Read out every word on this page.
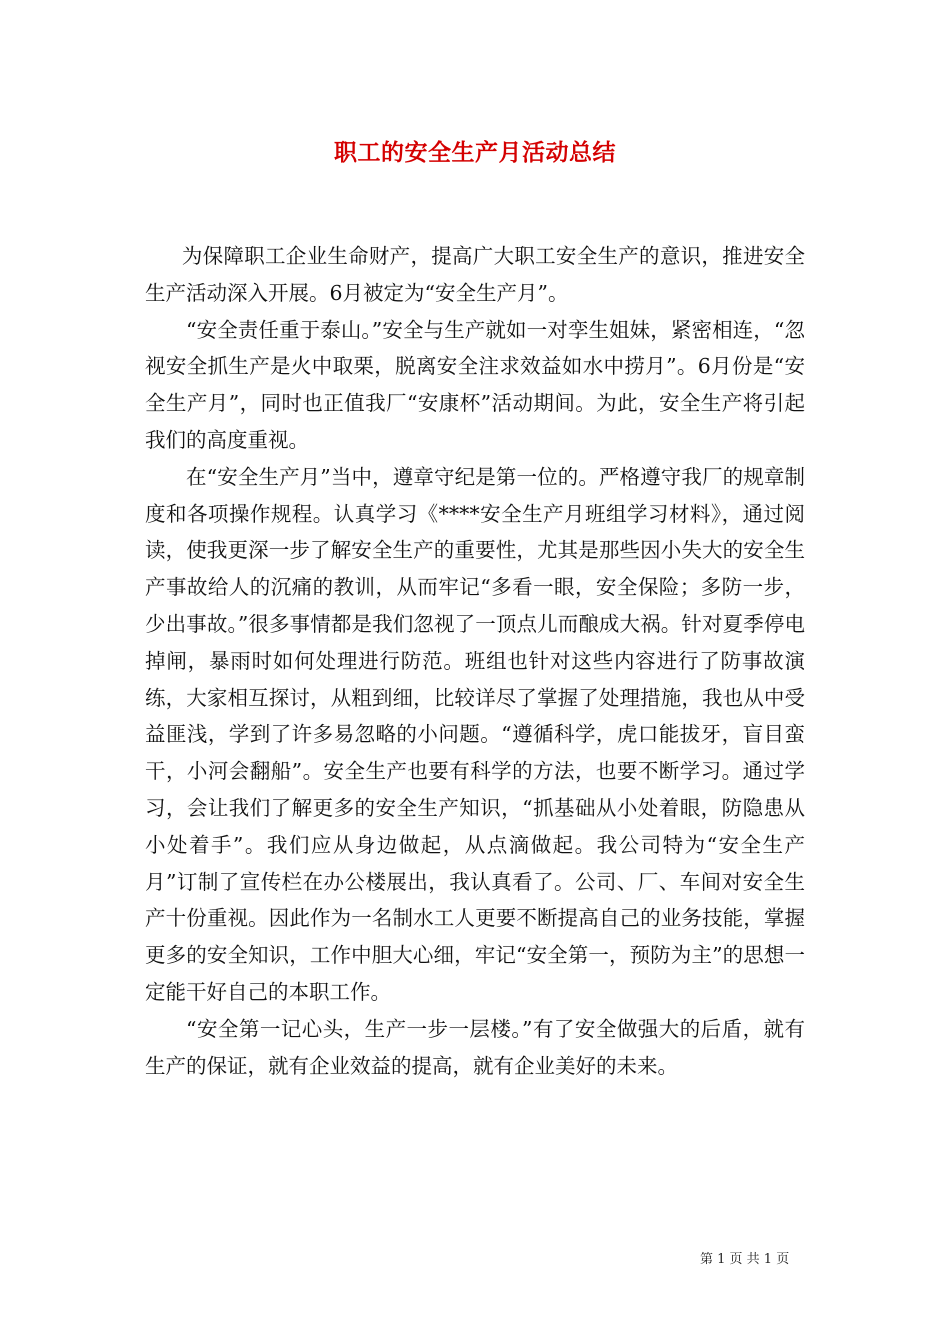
职工的安全生产月活动总结

为保障职工企业生命财产，提高广大职工安全生产的意识，推进安全生产活动深入开展。6月被定为“安全生产月”。

“安全责任重于泰山。”安全与生产就如一对孪生姐妹，紧密相连，“忽视安全抓生产是火中取栗，脱离安全注求效益如水中捞月”。6月份是“安全生产月”，同时也正值我厂“安康杯”活动期间。为此，安全生产将引起我们的高度重视。

在“安全生产月”当中，遵章守纪是第一位的。严格遵守我厂的规章制度和各项操作规程。认真学习《****安全生产月班组学习材料》，通过阅读，使我更深一步了解安全生产的重要性，尤其是那些因小失大的安全生产事故给人的沉痛的教训，从而牢记“多看一眼，安全保险；多防一步，少出事故。”很多事情都是我们忽视了一顶点儿而酿成大祸。针对夏季停电掉闸，暴雨时如何处理进行防范。班组也针对这些内容进行了防事故演练，大家相互探讨，从粗到细，比较详尽了掌握了处理措施，我也从中受益匪浅，学到了许多易忽略的小问题。“遵循科学，虎口能拔牙，盲目蛮干，小河会翻船”。安全生产也要有科学的方法，也要不断学习。通过学习，会让我们了解更多的安全生产知识，“抓基础从小处着眼，防隐患从小处着手”。我们应从身边做起，从点滴做起。我公司特为“安全生产月”订制了宣传栏在办公楼展出，我认真看了。公司、厂、车间对安全生产十份重视。因此作为一名制水工人更要不断提高自己的业务技能，掌握更多的安全知识，工作中胆大心细，牢记“安全第一，预防为主”的思想一定能干好自己的本职工作。

“安全第一记心头，生产一步一层楼。”有了安全做强大的后盾，就有生产的保证，就有企业效益的提高，就有企业美好的未来。

第 1 页 共 1 页
